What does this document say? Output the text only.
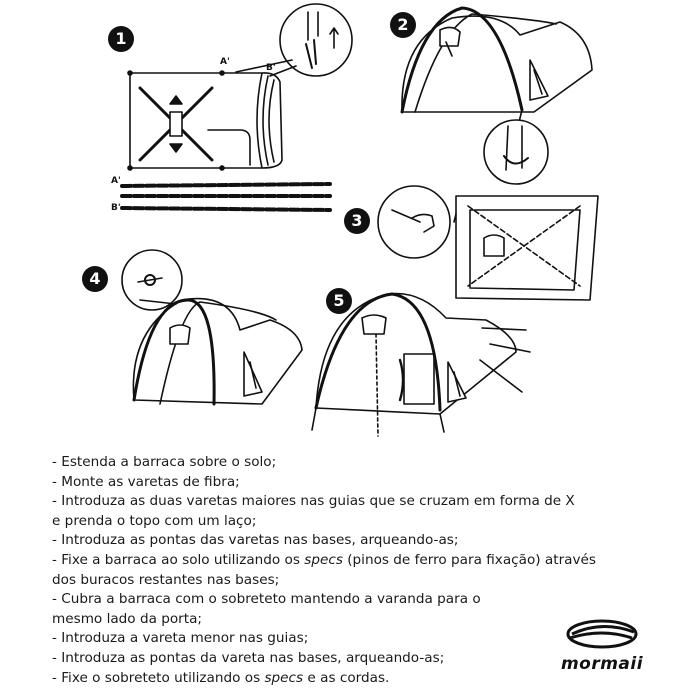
1
2
3
4
5
A'
B'
A'
B'
- Estenda a barraca sobre o solo;
- Monte as varetas de fibra;
- Introduza as duas varetas maiores nas guias que se cruzam em forma de X
e prenda o topo com um laço;
- Introduza as pontas das varetas nas bases, arqueando-as;
- Fixe a barraca ao solo utilizando os specs (pinos de ferro para fixação) através
dos buracos restantes nas bases;
- Cubra a barraca com o sobreteto mantendo a varanda para o
mesmo lado da porta;
- Introduza a vareta menor nas guias;
- Introduza as pontas da vareta nas bases, arqueando-as;
- Fixe o sobreteto utilizando os specs e as cordas.
mormaii
